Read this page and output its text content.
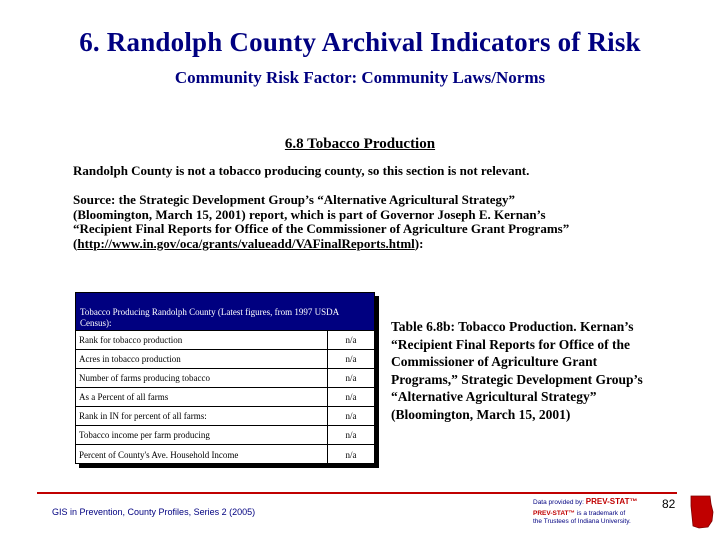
6. Randolph County Archival Indicators of Risk
Community Risk Factor: Community Laws/Norms
6.8 Tobacco Production
Randolph County is not a tobacco producing county, so this section is not relevant.
Source: the Strategic Development Group’s “Alternative Agricultural Strategy”
(Bloomington, March 15, 2001) report, which is part of Governor Joseph E. Kernan’s
“Recipient Final Reports for Office of the Commissioner of Agriculture Grant Programs”
(http://www.in.gov/oca/grants/valueadd/VAFinalReports.html):
Tobacco Producing Randolph County (Latest figures, from 1997 USDA Census):
Rank for tobacco production	n/a
Acres in tobacco production	n/a
Number of farms producing tobacco	n/a
As a Percent of all farms	n/a
Rank in IN for percent of all farms:	n/a
Tobacco income per farm producing	n/a
Percent of County's Ave. Household Income	n/a
Table 6.8b: Tobacco Production. Kernan’s “Recipient Final Reports for Office of the Commissioner of Agriculture Grant Programs,” Strategic Development Group’s “Alternative Agricultural Strategy” (Bloomington, March 15, 2001)
GIS in Prevention, County Profiles, Series 2 (2005)
Data provided by: PREV-STAT™
PREV-STAT™ is a trademark of
the Trustees of Indiana University.
82
